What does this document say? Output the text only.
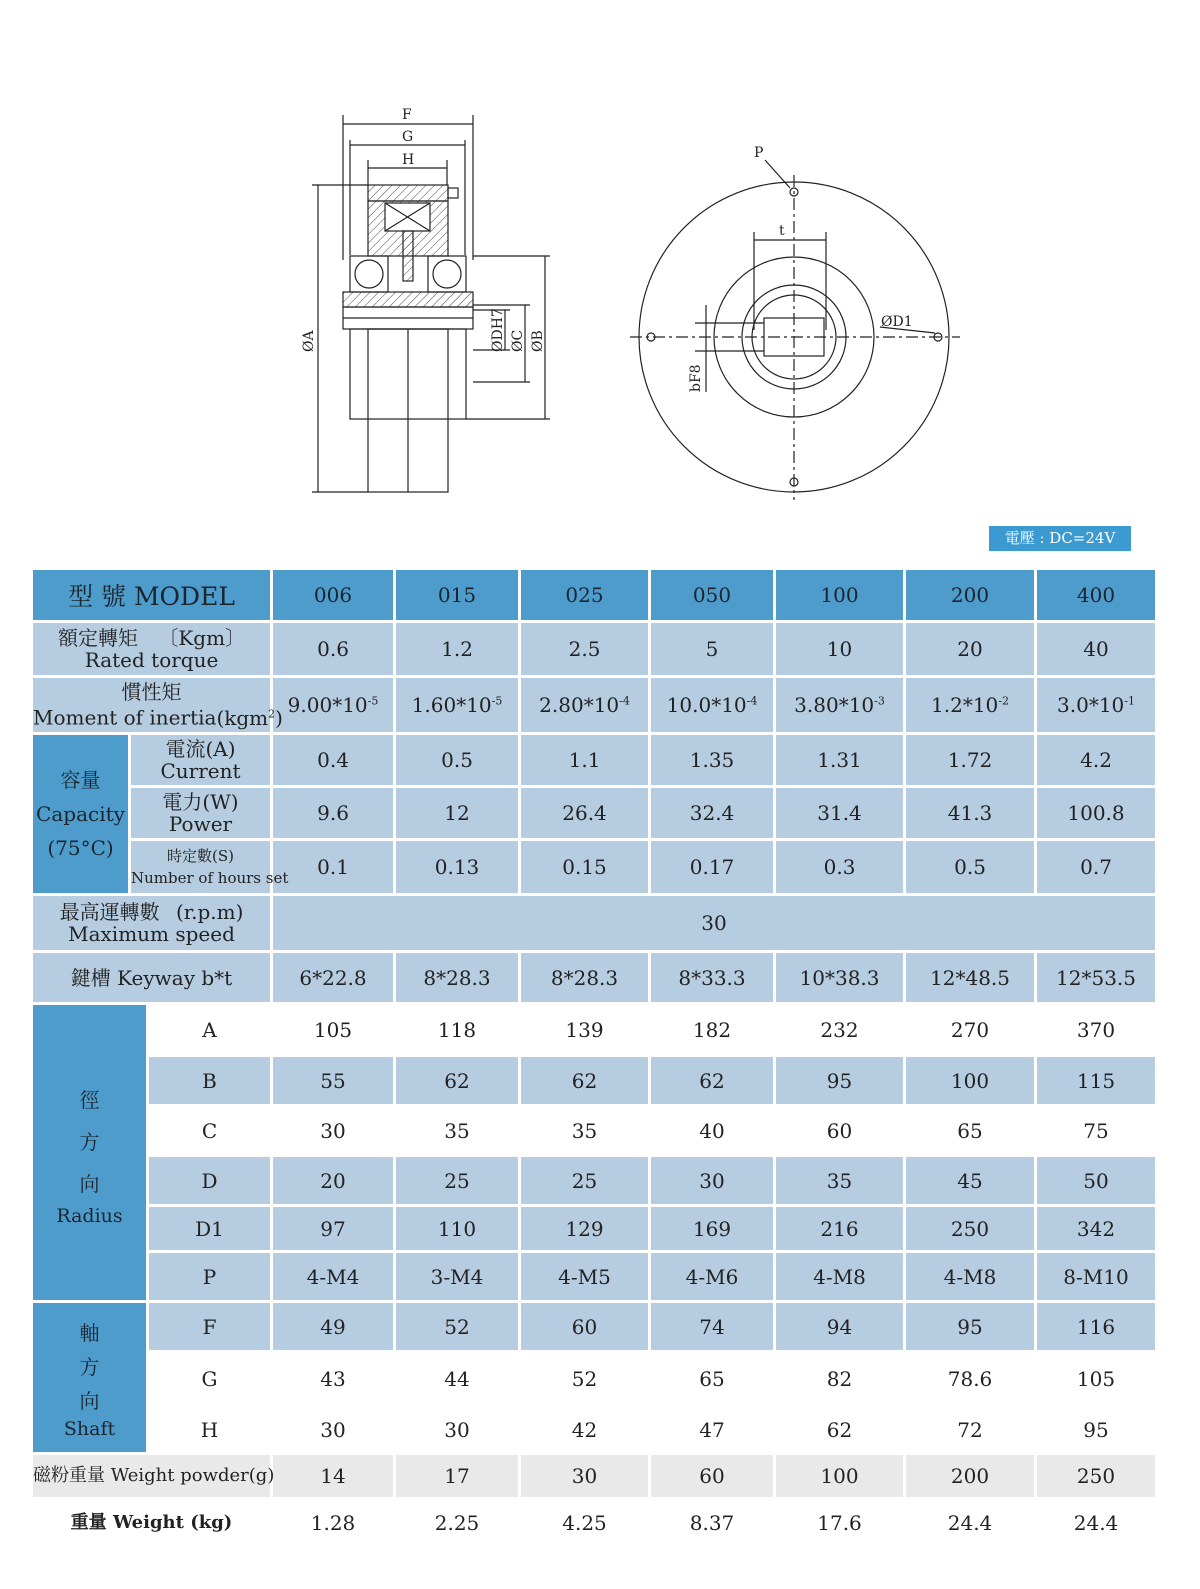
F
G
H
ØA	ØDH7 ØC ØB
P
t
ØD1
bF8
電壓 : DC=24V
型 號 MODEL			006	015	025	050	100	200	400
額定轉矩 〔Kgm〕
Rated torque			0.6	1.2	2.5	5	10	20	40
慣性矩
Moment of inertia(kgm$^2$)			$9.00*10^{-5}$	$1.60*10^{-5}$	$2.80*10^{-4}$	$10.0*10^{-4}$	$3.80*10^{-3}$	$1.2*10^{-2}$	$3.0*10^{-1}$

容量
Capacity
(75°C)	電流(A)
Current		0.4	0.5	1.1	1.35	1.31	1.72	4.2
	電力(W)
Power		9.6	12	26.4	32.4	31.4	41.3	100.8
	時定數(S)
Number of hours set		0.1	0.13	0.15	0.17	0.3	0.5	0.7
最高運轉數 (r.p.m)
Maximum speed			30						
鍵槽 Keyway b*t			6*22.8	8*28.3	8*28.3	8*33.3	10*38.3	12*48.5	12*53.5

徑
方
向
Radius		A	105	118	139	182	232	270	370
		B	55	62	62	62	95	100	115
		C	30	35	35	40	60	65	75
		D	20	25	25	30	35	45	50
		D1	97	110	129	169	216	250	342
		P	4-M4	3-M4	4-M5	4-M6	4-M8	4-M8	8-M10

軸
方
向
Shaft		F	49	52	60	74	94	95	116
		G	43	44	52	65	82	78.6	105
		H	30	30	42	47	62	72	95
磁粉重量 Weight powder(g)			14	17	30	60	100	200	250
重量 Weight (kg)			1.28	2.25	4.25	8.37	17.6	24.4	24.4
